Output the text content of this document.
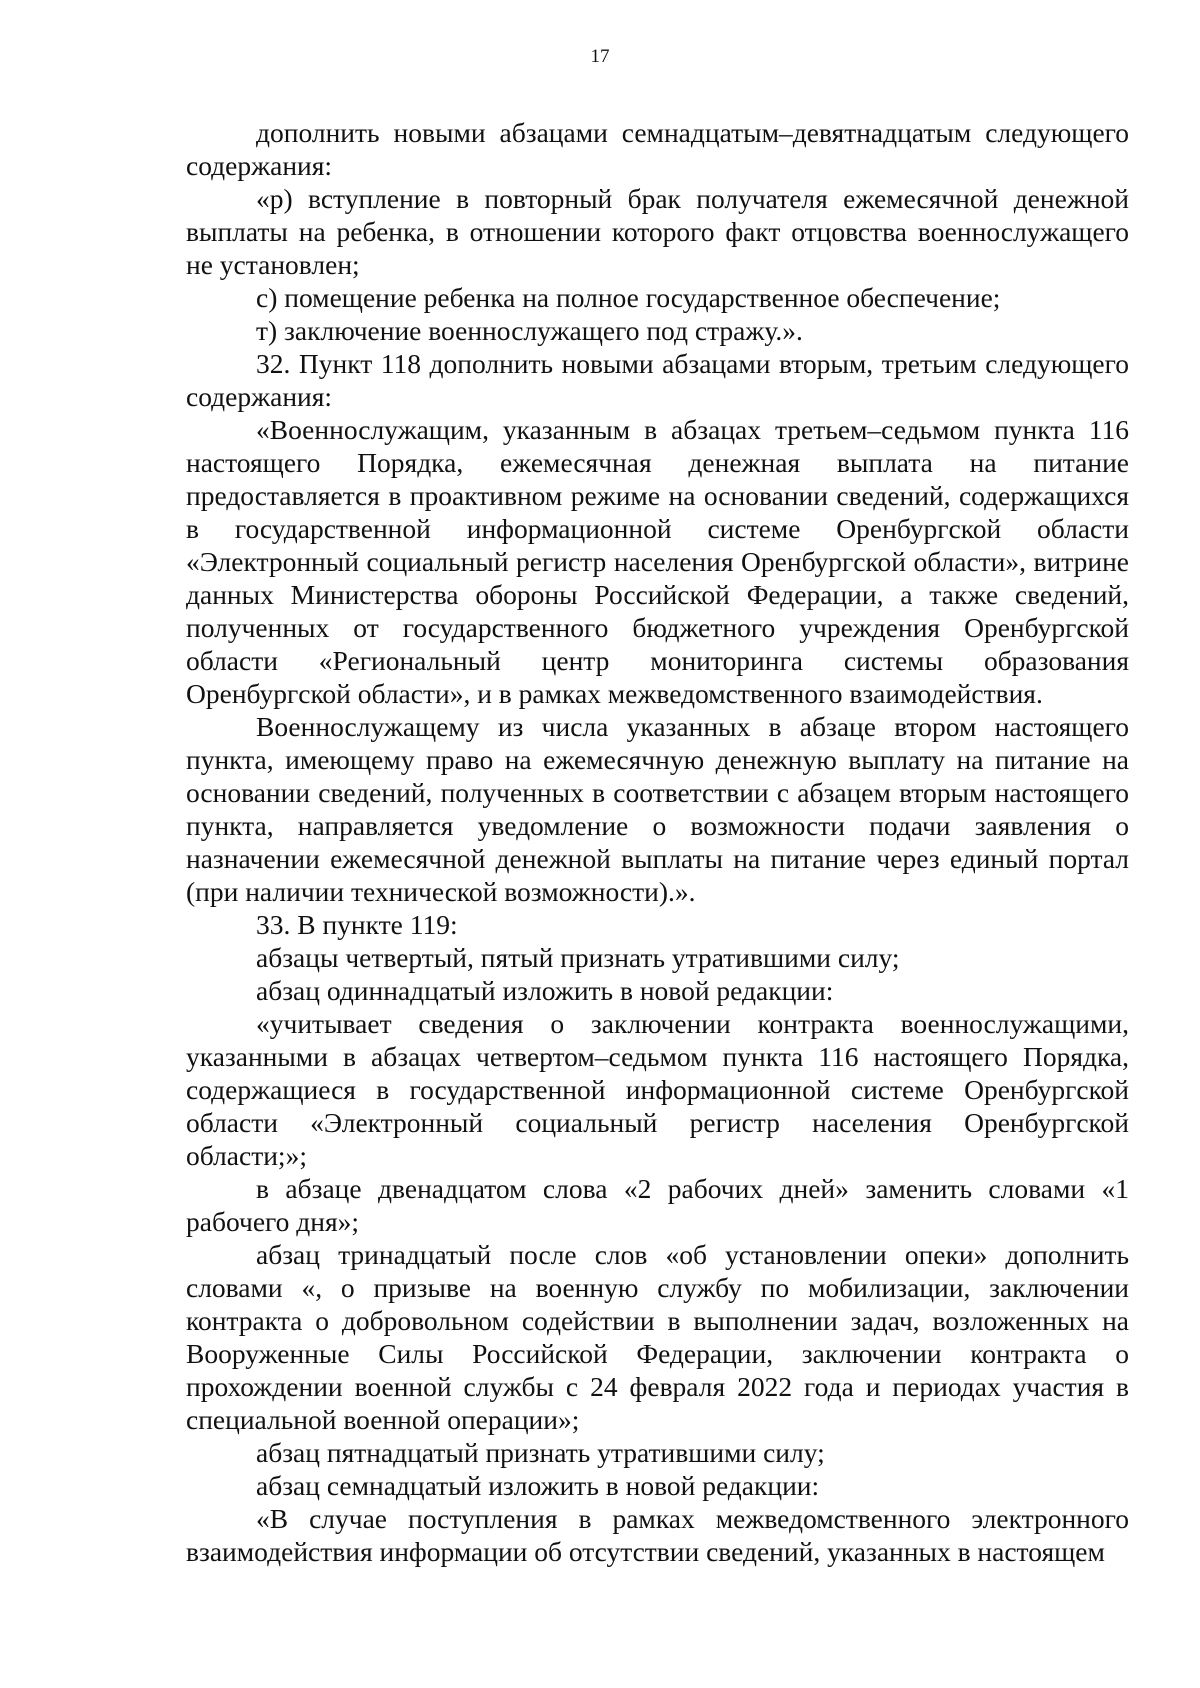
17

дополнить новыми абзацами семнадцатым–девятнадцатым следующего содержания:

«р) вступление в повторный брак получателя ежемесячной денежной выплаты на ребенка, в отношении которого факт отцовства военнослужащего не установлен;

с) помещение ребенка на полное государственное обеспечение;

т) заключение военнослужащего под стражу.».

32. Пункт 118 дополнить новыми абзацами вторым, третьим следующего содержания:

«Военнослужащим, указанным в абзацах третьем–седьмом пункта 116 настоящего Порядка, ежемесячная денежная выплата на питание предоставляется в проактивном режиме на основании сведений, содержащихся в государственной информационной системе Оренбургской области «Электронный социальный регистр населения Оренбургской области», витрине данных Министерства обороны Российской Федерации, а также сведений, полученных от государственного бюджетного учреждения Оренбургской области «Региональный центр мониторинга системы образования Оренбургской области», и в рамках межведомственного взаимодействия.

Военнослужащему из числа указанных в абзаце втором настоящего пункта, имеющему право на ежемесячную денежную выплату на питание на основании сведений, полученных в соответствии с абзацем вторым настоящего пункта, направляется уведомление о возможности подачи заявления о назначении ежемесячной денежной выплаты на питание через единый портал (при наличии технической возможности).».

33. В пункте 119:

абзацы четвертый, пятый признать утратившими силу;

абзац одиннадцатый изложить в новой редакции:

«учитывает сведения о заключении контракта военнослужащими, указанными в абзацах четвертом–седьмом пункта 116 настоящего Порядка, содержащиеся в государственной информационной системе Оренбургской области «Электронный социальный регистр населения Оренбургской области;»;

в абзаце двенадцатом слова «2 рабочих дней» заменить словами «1 рабочего дня»;

абзац тринадцатый после слов «об установлении опеки» дополнить словами «, о призыве на военную службу по мобилизации, заключении контракта о добровольном содействии в выполнении задач, возложенных на Вооруженные Силы Российской Федерации, заключении контракта о прохождении военной службы с 24 февраля 2022 года и периодах участия в специальной военной операции»;

абзац пятнадцатый признать утратившими силу;

абзац семнадцатый изложить в новой редакции:

«В случае поступления в рамках межведомственного электронного взаимодействия информации об отсутствии сведений, указанных в настоящем
